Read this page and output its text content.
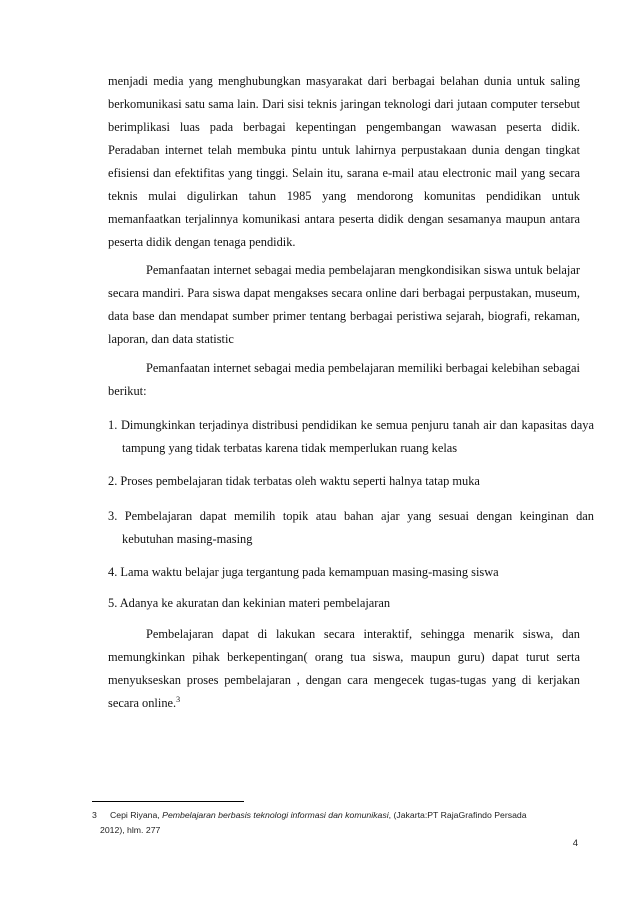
menjadi media yang menghubungkan masyarakat dari berbagai belahan dunia untuk saling berkomunikasi satu sama lain. Dari sisi teknis jaringan teknologi dari jutaan computer tersebut berimplikasi luas pada berbagai kepentingan pengembangan wawasan peserta didik. Peradaban internet telah membuka pintu untuk lahirnya perpustakaan dunia dengan tingkat efisiensi dan efektifitas yang tinggi. Selain itu, sarana e-mail atau electronic mail yang secara teknis mulai digulirkan tahun 1985 yang mendorong komunitas pendidikan untuk memanfaatkan terjalinnya komunikasi antara peserta didik dengan sesamanya maupun antara peserta didik dengan tenaga pendidik.

Pemanfaatan internet sebagai media pembelajaran mengkondisikan siswa untuk belajar secara mandiri. Para siswa dapat mengakses secara online dari berbagai perpustakan, museum, data base dan mendapat sumber primer tentang berbagai peristiwa sejarah, biografi, rekaman, laporan, dan data statistic

Pemanfaatan internet sebagai media pembelajaran memiliki berbagai kelebihan sebagai berikut:

1. Dimungkinkan terjadinya distribusi pendidikan ke semua penjuru tanah air dan kapasitas daya tampung yang tidak terbatas karena tidak memperlukan ruang kelas

2. Proses pembelajaran tidak terbatas oleh waktu seperti halnya tatap muka

3. Pembelajaran dapat memilih topik atau bahan ajar yang sesuai dengan keinginan dan kebutuhan masing-masing

4. Lama waktu belajar juga tergantung pada kemampuan masing-masing siswa

5. Adanya ke akuratan dan kekinian materi pembelajaran

Pembelajaran dapat di lakukan secara interaktif, sehingga menarik siswa, dan memungkinkan pihak berkepentingan( orang tua siswa, maupun guru) dapat turut serta menyukseskan proses pembelajaran , dengan cara mengecek tugas-tugas yang di kerjakan secara online.$^3$

3 Cepi Riyana, Pembelajaran berbasis teknologi informasi dan komunikasi, (Jakarta:PT RajaGrafindo Persada
2012), hlm. 277

4
